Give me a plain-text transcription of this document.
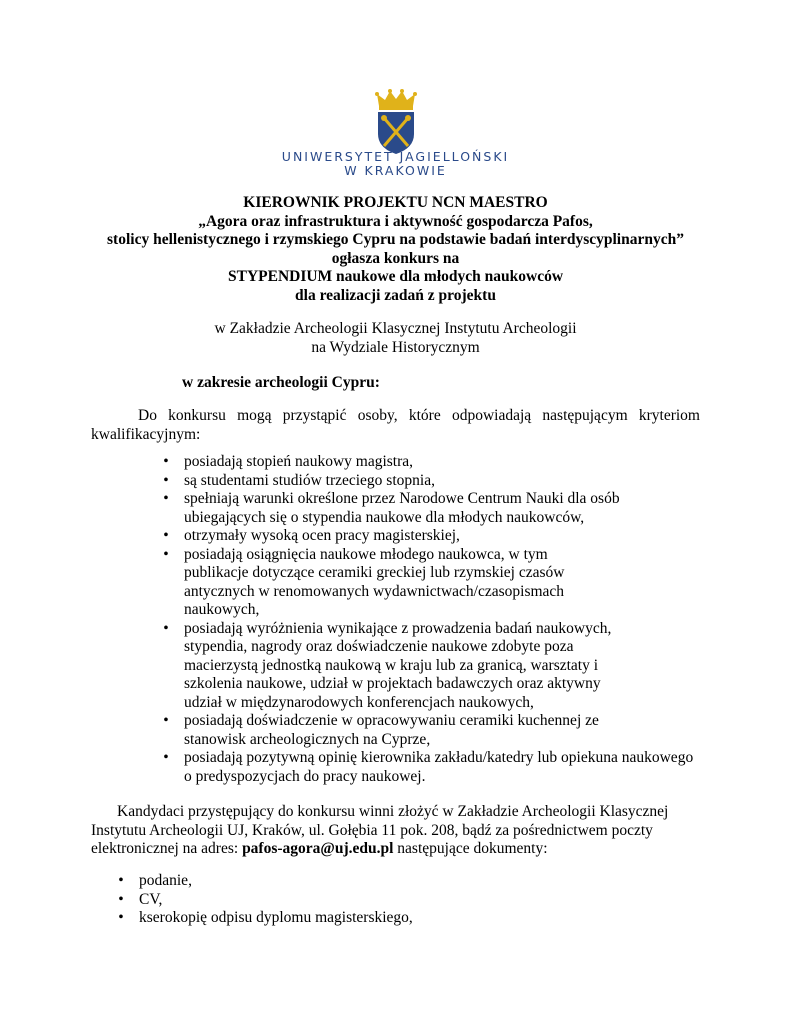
UNIWERSYTET JAGIELLOŃSKI
W KRAKOWIE
KIEROWNIK PROJEKTU NCN MAESTRO
„Agora oraz infrastruktura i aktywność gospodarcza Pafos,
stolicy hellenistycznego i rzymskiego Cypru na podstawie badań interdyscyplinarnych”
ogłasza konkurs na
STYPENDIUM naukowe dla młodych naukowców
dla realizacji zadań z projektu
w Zakładzie Archeologii Klasycznej Instytutu Archeologii
na Wydziale Historycznym
w zakresie archeologii Cypru:
Do konkursu mogą przystąpić osoby, które odpowiadają następującym kryteriom kwalifikacyjnym:
• posiadają stopień naukowy magistra,
• są studentami studiów trzeciego stopnia,
• spełniają warunki określone przez Narodowe Centrum Nauki dla osób
ubiegających się o stypendia naukowe dla młodych naukowców,
• otrzymały wysoką ocen pracy magisterskiej,
• posiadają osiągnięcia naukowe młodego naukowca, w tym
publikacje dotyczące ceramiki greckiej lub rzymskiej czasów
antycznych w renomowanych wydawnictwach/czasopismach
naukowych,
• posiadają wyróżnienia wynikające z prowadzenia badań naukowych,
stypendia, nagrody oraz doświadczenie naukowe zdobyte poza
macierzystą jednostką naukową w kraju lub za granicą, warsztaty i
szkolenia naukowe, udział w projektach badawczych oraz aktywny
udział w międzynarodowych konferencjach naukowych,
• posiadają doświadczenie w opracowywaniu ceramiki kuchennej ze
stanowisk archeologicznych na Cyprze,
• posiadają pozytywną opinię kierownika zakładu/katedry lub opiekuna naukowego
o predyspozycjach do pracy naukowej.
Kandydaci przystępujący do konkursu winni złożyć w Zakładzie Archeologii Klasycznej
Instytutu Archeologii UJ, Kraków, ul. Gołębia 11 pok. 208, bądź za pośrednictwem poczty
elektronicznej na adres: pafos-agora@uj.edu.pl następujące dokumenty:
• podanie,
• CV,
• kserokopię odpisu dyplomu magisterskiego,
